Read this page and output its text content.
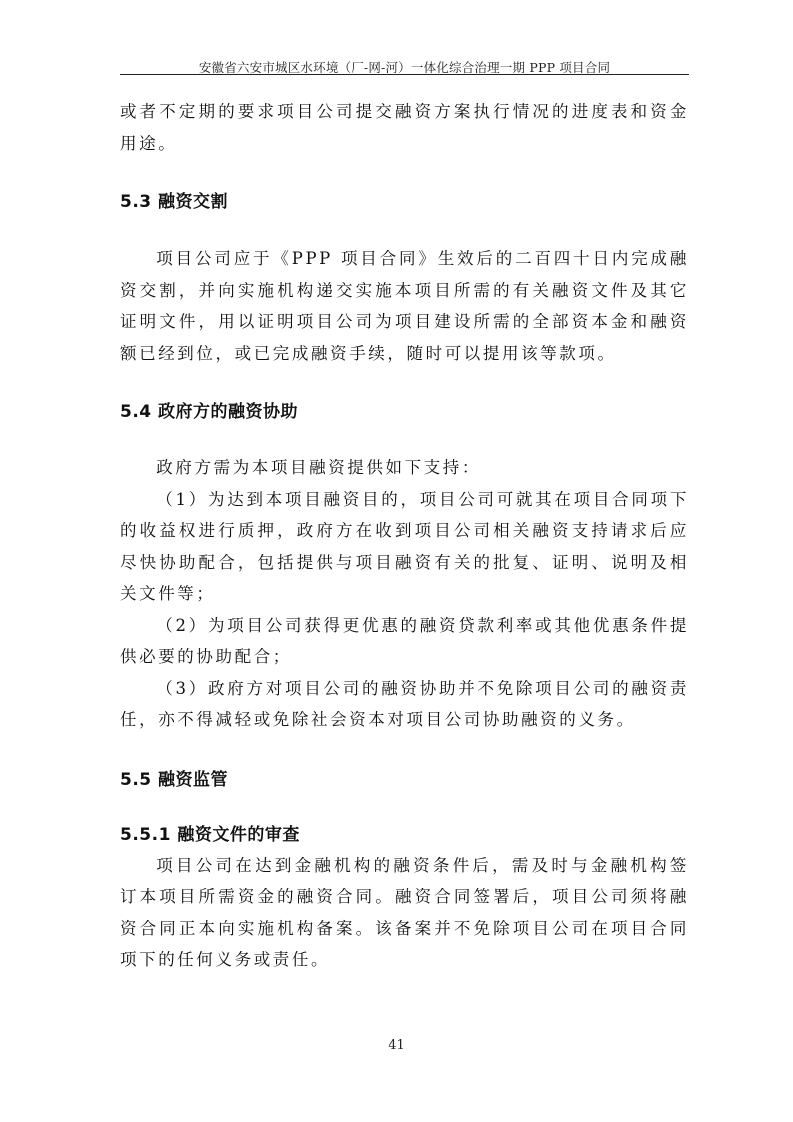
安徽省六安市城区水环境（厂-网-河）一体化综合治理一期 PPP 项目合同

或者不定期的要求项目公司提交融资方案执行情况的进度表和资金用途。

5.3 融资交割

项目公司应于《PPP 项目合同》生效后的二百四十日内完成融资交割，并向实施机构递交实施本项目所需的有关融资文件及其它证明文件，用以证明项目公司为项目建设所需的全部资本金和融资额已经到位，或已完成融资手续，随时可以提用该等款项。

5.4 政府方的融资协助

政府方需为本项目融资提供如下支持：

（1）为达到本项目融资目的，项目公司可就其在项目合同项下的收益权进行质押，政府方在收到项目公司相关融资支持请求后应尽快协助配合，包括提供与项目融资有关的批复、证明、说明及相关文件等；

（2）为项目公司获得更优惠的融资贷款利率或其他优惠条件提供必要的协助配合；

（3）政府方对项目公司的融资协助并不免除项目公司的融资责任，亦不得减轻或免除社会资本对项目公司协助融资的义务。

5.5 融资监管

5.5.1 融资文件的审查

项目公司在达到金融机构的融资条件后，需及时与金融机构签订本项目所需资金的融资合同。融资合同签署后，项目公司须将融资合同正本向实施机构备案。该备案并不免除项目公司在项目合同项下的任何义务或责任。

41
